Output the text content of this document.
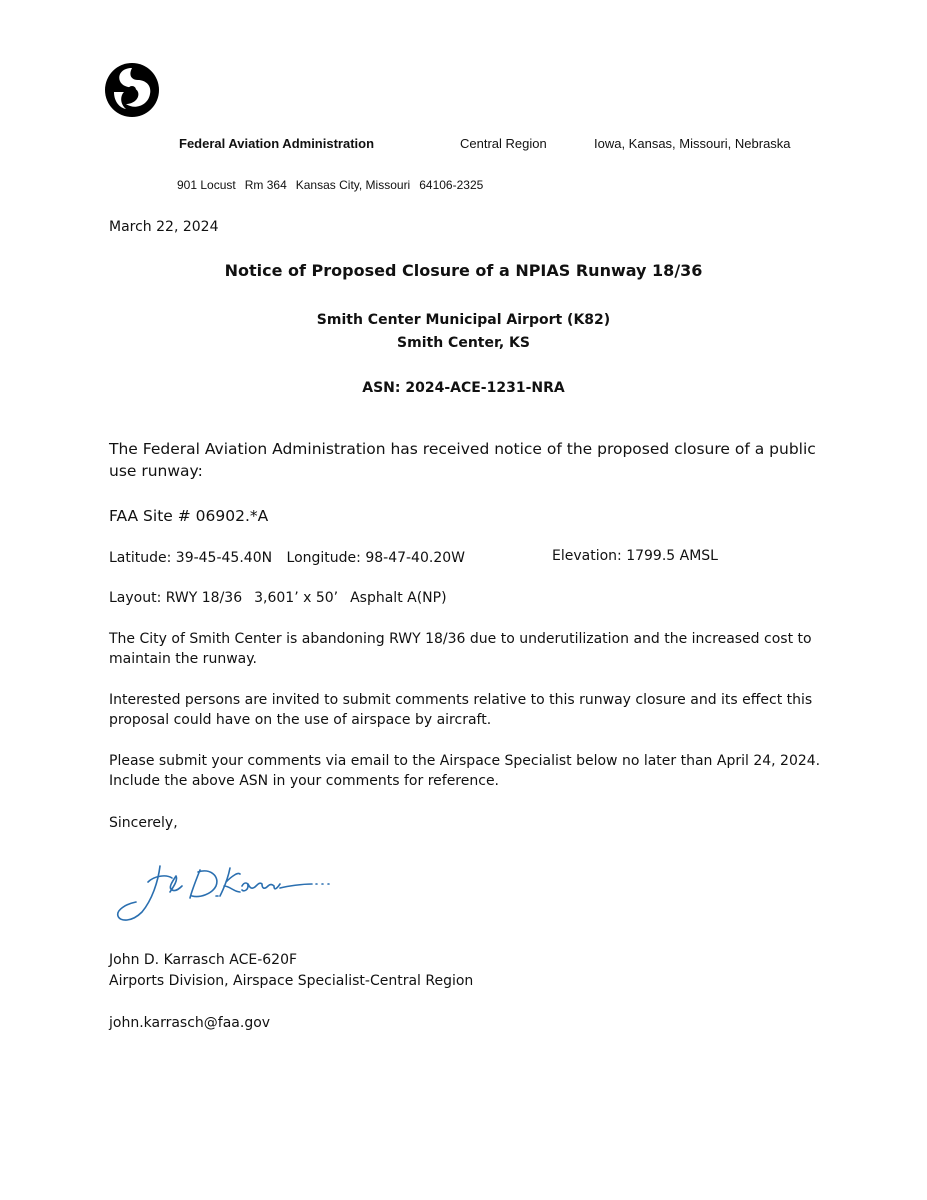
Federal Aviation Administration	Central Region	Iowa, Kansas, Missouri, Nebraska
901 Locust Rm 364 Kansas City, Missouri 64106-2325
March 22, 2024
Notice of Proposed Closure of a NPIAS Runway 18/36
Smith Center Municipal Airport (K82)
Smith Center, KS
ASN: 2024-ACE-1231-NRA
The Federal Aviation Administration has received notice of the proposed closure of a public use runway:
FAA Site # 06902.*A
Latitude: 39-45-45.40N Longitude: 98-47-40.20W	Elevation: 1799.5 AMSL
Layout: RWY 18/36 3,601’ x 50’ Asphalt A(NP)
The City of Smith Center is abandoning RWY 18/36 due to underutilization and the increased cost to maintain the runway.
Interested persons are invited to submit comments relative to this runway closure and its effect this proposal could have on the use of airspace by aircraft.
Please submit your comments via email to the Airspace Specialist below no later than April 24, 2024. Include the above ASN in your comments for reference.
Sincerely,
John D. Karrasch ACE-620F
Airports Division, Airspace Specialist-Central Region
john.karrasch@faa.gov
